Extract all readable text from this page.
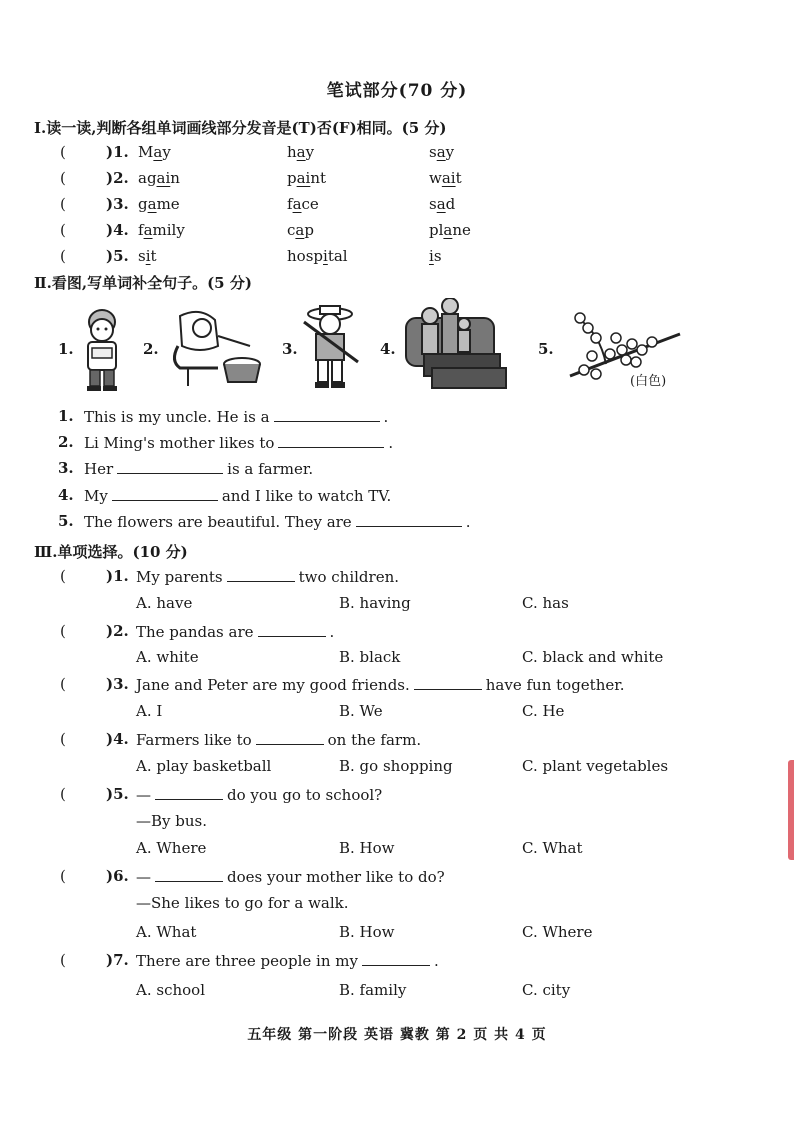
笔试部分(70 分)
Ⅰ.读一读,判断各组单词画线部分发音是(T)否(F)相同。(5 分)
(	)1. May	hay	say
(	)2. again	paint	wait
(	)3. game	face	sad
(	)4. family	cap	plane
(	)5. sit	hospital	is
Ⅱ.看图,写单词补全句子。(5 分)
1.	2.	3.	4.	5.
(白色)
1. This is my uncle. He is a	.
2. Li Ming's mother likes to	.
3. Her	is a farmer.
4. My	and I like to watch TV.
5. The flowers are beautiful. They are	.
Ⅲ.单项选择。(10 分)
(	)1. My parents	two children.
A. have	B. having	C. has
(	)2. The pandas are	.
A. white	B. black	C. black and white
(	)3. Jane and Peter are my good friends.	have fun together.
A. I	B. We	C. He
(	)4. Farmers like to	on the farm.
A. play basketball	B. go shopping	C. plant vegetables
(	)5. —	do you go to school?
—By bus.
A. Where	B. How	C. What
(	)6. —	does your mother like to do?
—She likes to go for a walk.
A. What	B. How	C. Where
(	)7. There are three people in my	.
A. school	B. family	C. city
五年级 第一阶段 英语 冀教 第 2 页 共 4 页
